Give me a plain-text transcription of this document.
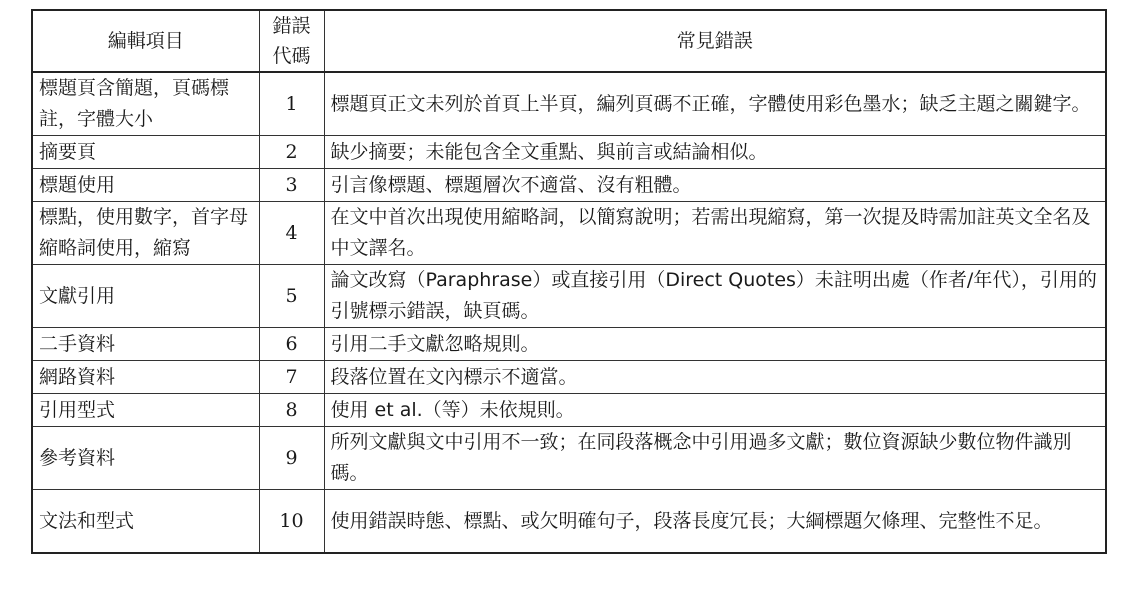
編輯項目	錯誤代碼	常見錯誤
標題頁含簡題，頁碼標註，字體大小	1	標題頁正文未列於首頁上半頁，編列頁碼不正確，字體使用彩色墨水；缺乏主題之關鍵字。
摘要頁	2	缺少摘要；未能包含全文重點、與前言或結論相似。
標題使用	3	引言像標題、標題層次不適當、沒有粗體。
標點，使用數字，首字母縮略詞使用，縮寫	4	在文中首次出現使用縮略詞，以簡寫說明；若需出現縮寫，第一次提及時需加註英文全名及中文譯名。
文獻引用	5	論文改寫（Paraphrase）或直接引用（Direct Quotes）未註明出處（作者/年代），引用的引號標示錯誤，缺頁碼。
二手資料	6	引用二手文獻忽略規則。
網路資料	7	段落位置在文內標示不適當。
引用型式	8	使用 et al.（等）未依規則。
參考資料	9	所列文獻與文中引用不一致；在同段落概念中引用過多文獻；數位資源缺少數位物件識別碼。
文法和型式	10	使用錯誤時態、標點、或欠明確句子，段落長度冗長；大綱標題欠條理、完整性不足。
